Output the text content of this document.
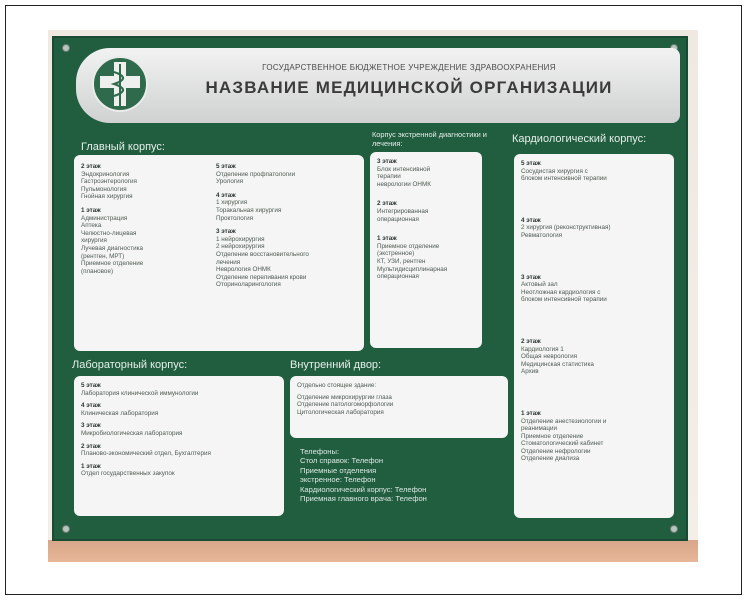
ГОСУДАРСТВЕННОЕ БЮДЖЕТНОЕ УЧРЕЖДЕНИЕ ЗДРАВООХРАНЕНИЯ
НАЗВАНИЕ МЕДИЦИНСКОЙ ОРГАНИЗАЦИИ
Главный корпус:
2 этаж
Эндокринология
Гастроэнтерология
Пульмонология
Гнойная хирургия
1 этаж
Администрация
Аптека
Челюстно-лицевая
хирургия
Лучевая диагностика
(рентген, МРТ)
Приемное отделение
(плановое)
5 этаж
Отделение профпатологии
Урология
4 этаж
1 хирургия
Торакальная хирургия
Проктология
3 этаж
1 нейрохирургия
2 нейрохирургия
Отделение восстановительного
лечения
Неврология ОНМК
Отделение переливания крови
Оториноларингология
Корпус экстренной диагностики и лечения:
3 этаж
Блок интенсивной
терапии
неврологии ОНМК
2 этаж
Интегрированная
операционная
1 этаж
Приемное отделение
(экстренное)
КТ, УЗИ, рентген
Мультидисциплинарная
операционная
Кардиологический корпус:
5 этаж
Сосудистая хирургия с
блоком интенсивной терапии
4 этаж
2 хирургия (реконструктивная)
Ревматология
3 этаж
Актовый зал
Неотложная кардиология с
блоком интенсивной терапии
2 этаж
Кардиология 1
Общая неврология
Медицинская статистика
Архив
1 этаж
Отделение анестезиологии и
реанимации
Приемное отделение
Стоматологический кабинет
Отделение нефрологии
Отделение диализа
Лабораторный корпус:
5 этаж
Лаборатория клинической иммунологии
4 этаж
Клиническая лаборатория
3 этаж
Микробиологическая лаборатория
2 этаж
Планово-экономический отдел, Бухгалтерия
1 этаж
Отдел государственных закупок
Внутренний двор:
Отдельно стоящее здание:
Отделение микрохирургии глаза
Отделение патологоморфологии
Цитологическая лаборатория
Телефоны:
Стол справок: Телефон
Приемные отделения
экстренное: Телефон
Кардиологический корпус: Телефон
Приемная главного врача: Телефон
